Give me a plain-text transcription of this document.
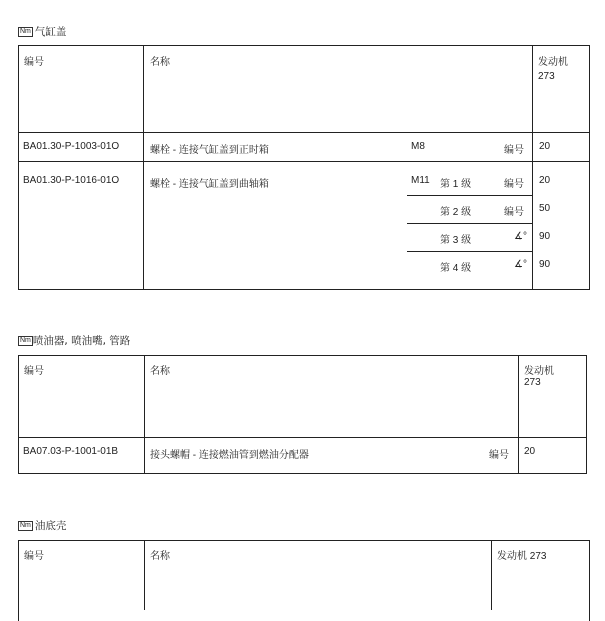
Nm 气缸盖
编号	名称	发动机
273
BA01.30-P-1003-01O	螺栓 - 连接气缸盖到正时箱	M8	编号 20
BA01.30-P-1016-01O	螺栓 - 连接气缸盖到曲轴箱	M11 第 1 级	编号 20
第 2 级	编号 50
第 3 级	∡° 90
第 4 级	∡° 90
Nm 喷油器, 喷油嘴, 管路
编号	名称	发动机
273
BA07.03-P-1001-01B	接头螺帽 - 连接燃油管到燃油分配器	编号 20
Nm 油底壳
编号	名称	发动机 273
